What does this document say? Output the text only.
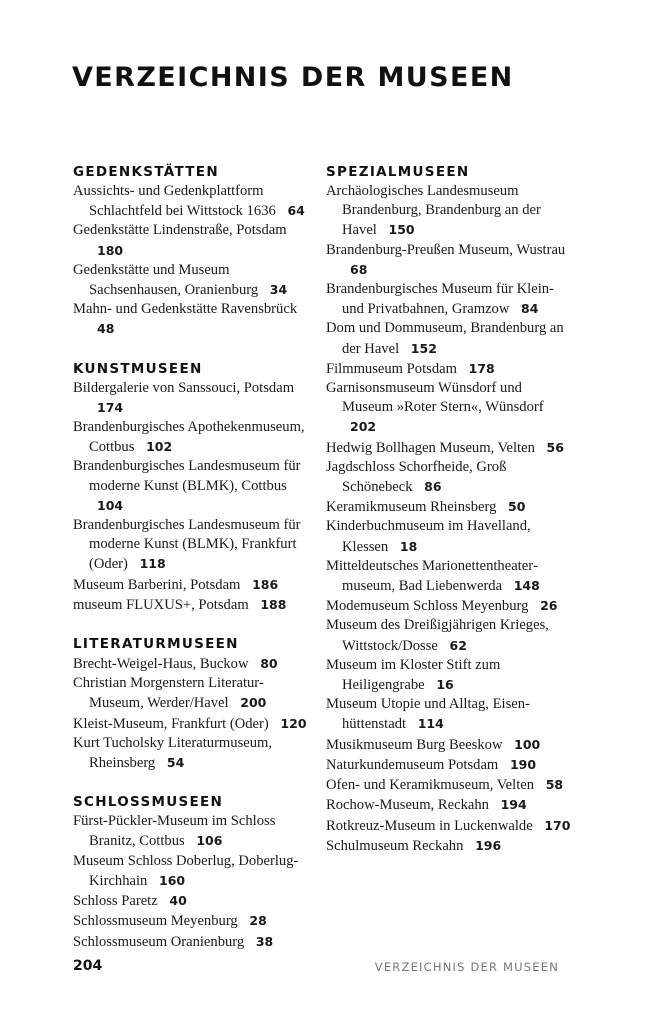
VERZEICHNIS DER MUSEEN
GEDENKSTÄTTEN

Aussichts- und Gedenkplattform Schlachtfeld bei Wittstock 1636 64

Gedenkstätte Lindenstraße, Potsdam 180

Gedenkstätte und Museum Sachsenhausen, Oranienburg 34

Mahn- und Gedenkstätte Ravensbrück 48

KUNSTMUSEEN

Bildergalerie von Sanssouci, Potsdam 174

Brandenburgisches Apothekenmuseum, Cottbus 102

Brandenburgisches Landesmuseum für moderne Kunst (BLMK), Cottbus 104

Brandenburgisches Landesmuseum für moderne Kunst (BLMK), Frankfurt (Oder) 118

Museum Barberini, Potsdam 186

museum FLUXUS+, Potsdam 188

LITERATURMUSEEN

Brecht-Weigel-Haus, Buckow 80

Christian Morgenstern Literatur-Museum, Werder/Havel 200

Kleist-Museum, Frankfurt (Oder) 120

Kurt Tucholsky Literaturmuseum, Rheinsberg 54

SCHLOSSMUSEEN

Fürst-Pückler-Museum im Schloss Branitz, Cottbus 106

Museum Schloss Doberlug, Doberlug-Kirchhain 160

Schloss Paretz 40

Schlossmuseum Meyenburg 28

Schlossmuseum Oranienburg 38

SPEZIALMUSEEN

Archäologisches Landesmuseum Brandenburg, Brandenburg an der Havel 150

Brandenburg-Preußen Museum, Wustrau 68

Brandenburgisches Museum für Klein- und Privatbahnen, Gramzow 84

Dom und Dommuseum, Brandenburg an der Havel 152

Filmmuseum Potsdam 178

Garnisonsmuseum Wünsdorf und Museum »Roter Stern«, Wünsdorf 202

Hedwig Bollhagen Museum, Velten 56

Jagdschloss Schorfheide, Groß Schönebeck 86

Keramikmuseum Rheinsberg 50

Kinderbuchmuseum im Havelland, Klessen 18

Mitteldeutsches Marionettentheatermuseum, Bad Liebenwerda 148

Modemuseum Schloss Meyenburg 26

Museum des Dreißigjährigen Krieges, Wittstock/Dosse 62

Museum im Kloster Stift zum Heiligengrabe 16

Museum Utopie und Alltag, Eisenhüttenstadt 114

Musikmuseum Burg Beeskow 100

Naturkundemuseum Potsdam 190

Ofen- und Keramikmuseum, Velten 58

Rochow-Museum, Reckahn 194

Rotkreuz-Museum in Luckenwalde 170

Schulmuseum Reckahn 196

204	VERZEICHNIS DER MUSEEN
